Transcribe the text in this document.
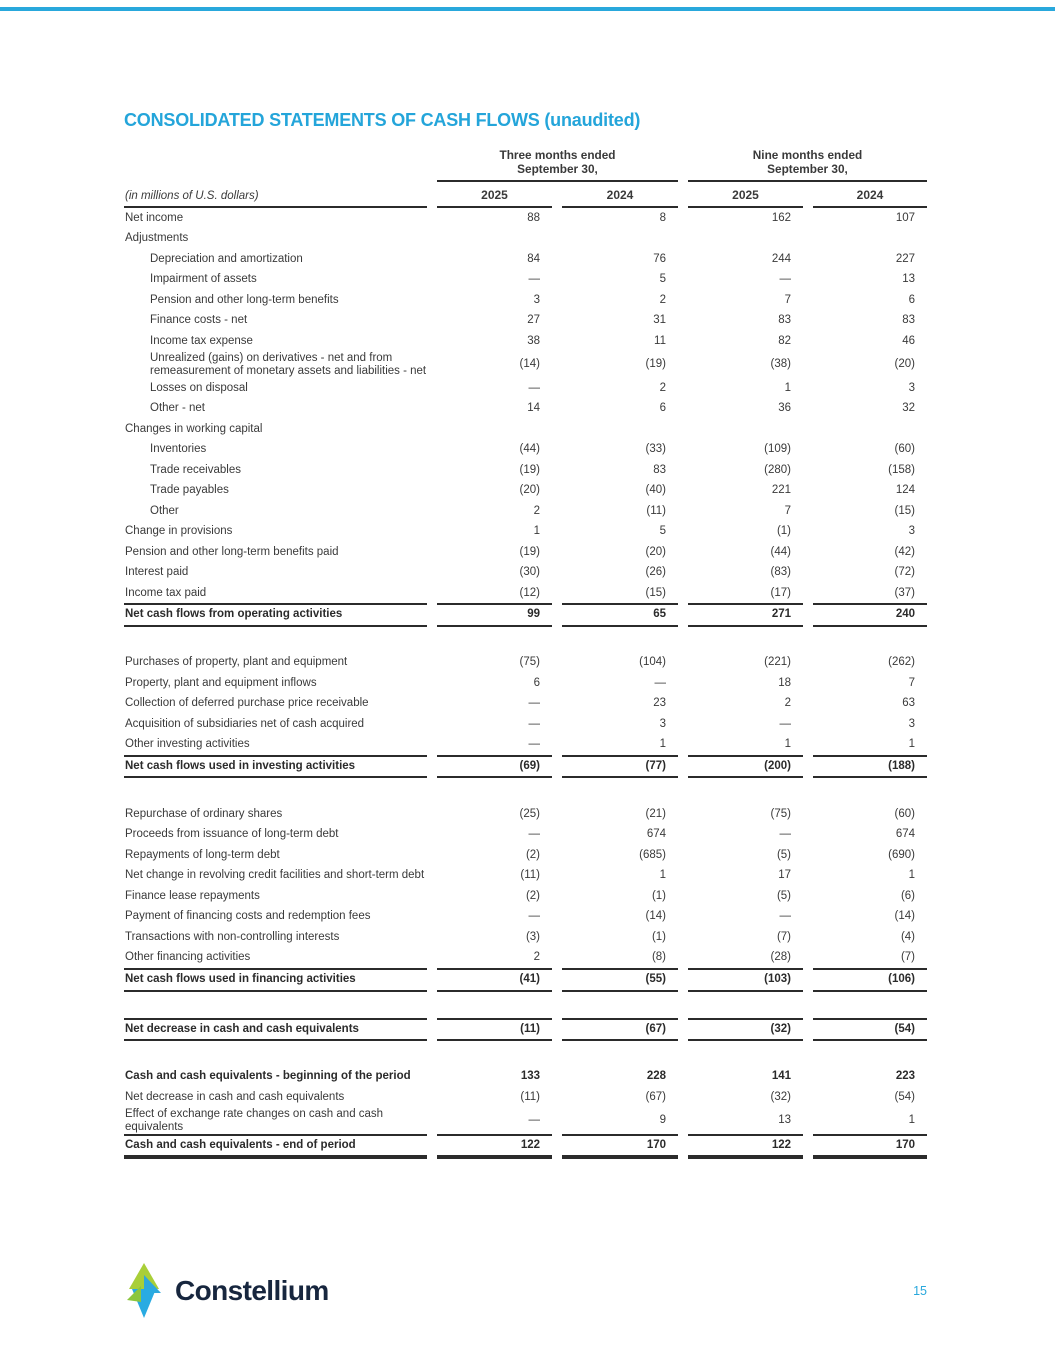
CONSOLIDATED STATEMENTS OF CASH FLOWS (unaudited)
Three months ended
September 30,
Nine months ended
September 30,
(in millions of U.S. dollars)	2025	2024	2025	2024
Net income	88	8	162	107
Adjustments
Depreciation and amortization	84	76	244	227
Impairment of assets	—	5	—	13
Pension and other long-term benefits	3	2	7	6
Finance costs - net	27	31	83	83
Income tax expense	38	11	82	46
Unrealized (gains) on derivatives - net and from remeasurement of monetary assets and liabilities - net
(14)	(19)	(38)	(20)
Losses on disposal	—	2	1	3
Other - net	14	6	36	32
Changes in working capital
Inventories	(44)	(33)	(109)	(60)
Trade receivables	(19)	83	(280)	(158)
Trade payables	(20)	(40)	221	124
Other	2	(11)	7	(15)
Change in provisions	1	5	(1)	3
Pension and other long-term benefits paid	(19)	(20)	(44)	(42)
Interest paid	(30)	(26)	(83)	(72)
Income tax paid	(12)	(15)	(17)	(37)
Net cash flows from operating activities	99	65	271	240
Purchases of property, plant and equipment	(75)	(104)	(221)	(262)
Property, plant and equipment inflows	6	—	18	7
Collection of deferred purchase price receivable	—	23	2	63
Acquisition of subsidiaries net of cash acquired	—	3	—	3
Other investing activities	—	1	1	1
Net cash flows used in investing activities	(69)	(77)	(200)	(188)
Repurchase of ordinary shares	(25)	(21)	(75)	(60)
Proceeds from issuance of long-term debt	—	674	—	674
Repayments of long-term debt	(2)	(685)	(5)	(690)
Net change in revolving credit facilities and short-term debt	(11)	1	17	1
Finance lease repayments	(2)	(1)	(5)	(6)
Payment of financing costs and redemption fees	—	(14)	—	(14)
Transactions with non-controlling interests	(3)	(1)	(7)	(4)
Other financing activities	2	(8)	(28)	(7)
Net cash flows used in financing activities	(41)	(55)	(103)	(106)
Net decrease in cash and cash equivalents	(11)	(67)	(32)	(54)
Cash and cash equivalents - beginning of the period	133	228	141	223
Net decrease in cash and cash equivalents	(11)	(67)	(32)	(54)
Effect of exchange rate changes on cash and cash equivalents
—	9	13	1
Cash and cash equivalents - end of period	122	170	122	170
Constellium	15
